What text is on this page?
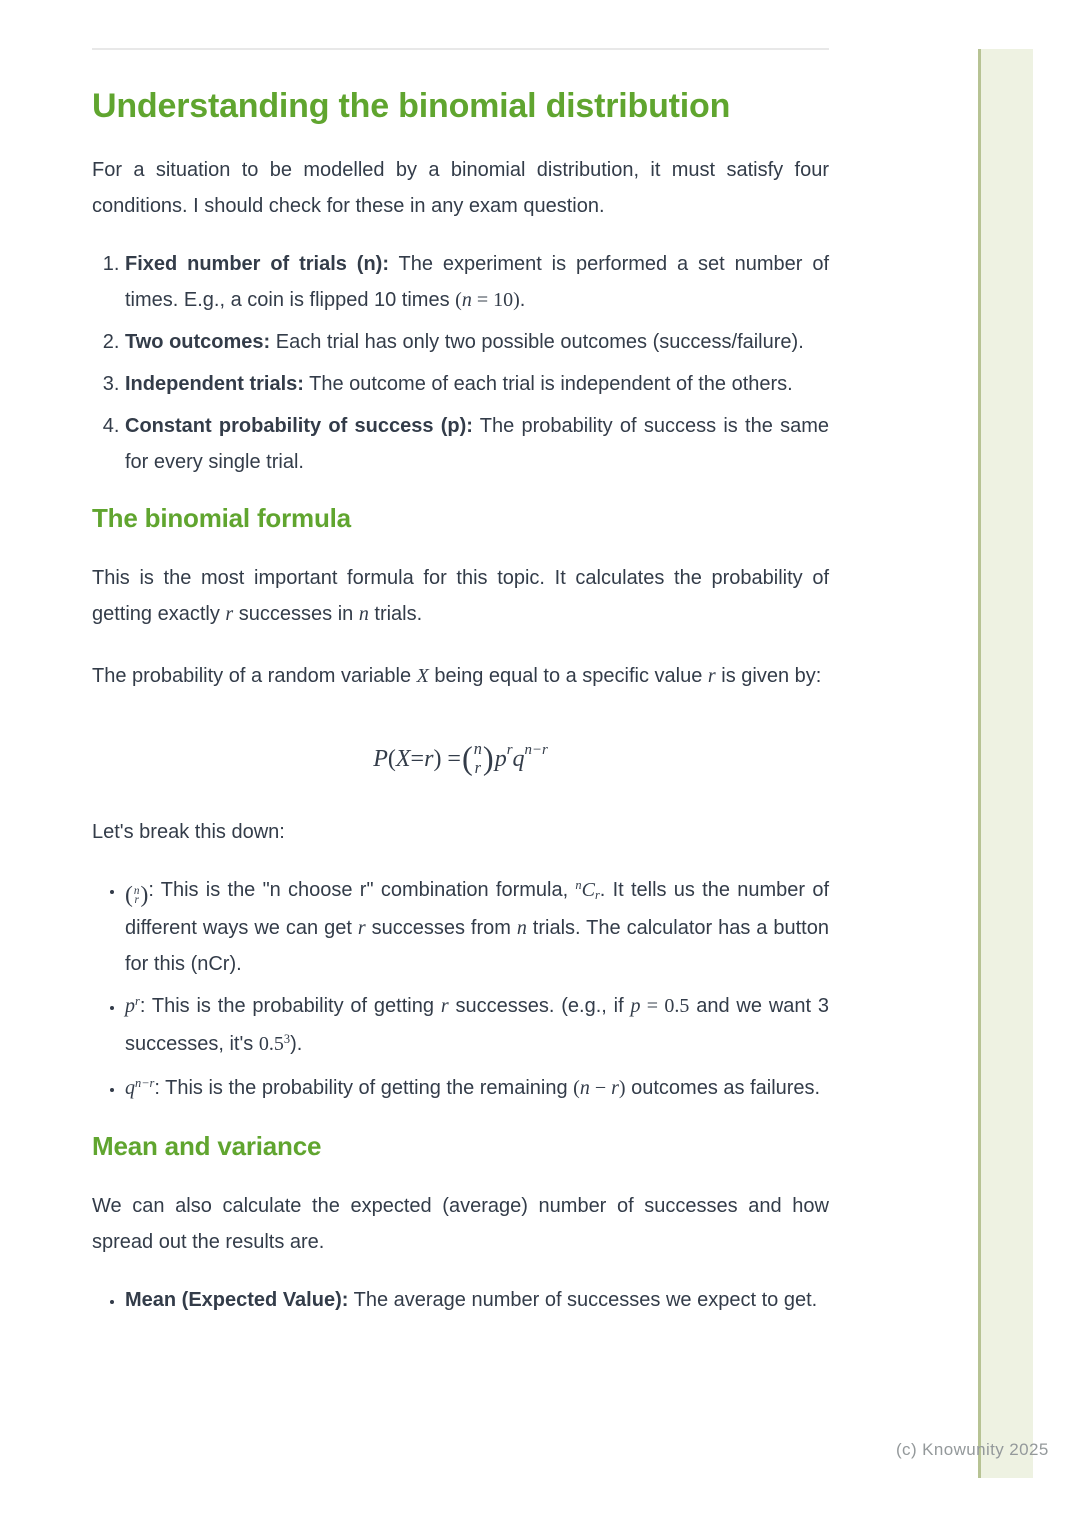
(c) Knowunity 2025
Understanding the binomial distribution

For a situation to be modelled by a binomial distribution, it must satisfy four conditions. I should check for these in any exam question.

1. Fixed number of trials (n): The experiment is performed a set number of times. E.g., a coin is flipped 10 times (n = 10).
2. Two outcomes: Each trial has only two possible outcomes (success/failure).
3. Independent trials: The outcome of each trial is independent of the others.
4. Constant probability of success (p): The probability of success is the same for every single trial.
The binomial formula

This is the most important formula for this topic. It calculates the probability of getting exactly r successes in n trials.

The probability of a random variable X being equal to a specific value r is given by:

P ( X = r ) = ( n
r ) p r q n−r

Let's break this down:

• ( n
r ) : This is the "n choose r" combination formula, $^n$Cr. It tells us the number of different ways we can get r successes from n trials. The calculator has a button for this (nCr).
• $p^r$: This is the probability of getting r successes. (e.g., if p = 0.5 and we want 3 successes, it's $0.5^3$).
• $q^{n-r}$: This is the probability of getting the remaining (n − r) outcomes as failures.
Mean and variance

We can also calculate the expected (average) number of successes and how spread out the results are.

• Mean (Expected Value): The average number of successes we expect to get.
